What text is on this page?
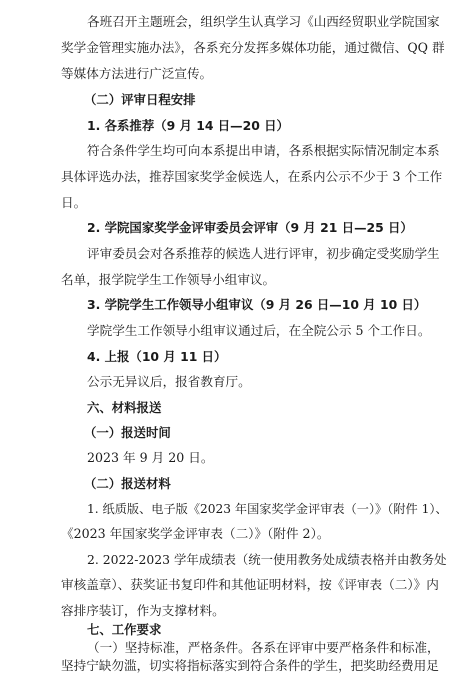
各班召开主题班会，组织学生认真学习《山西经贸职业学院国家
奖学金管理实施办法》，各系充分发挥多媒体功能，通过微信、QQ 群
等媒体方法进行广泛宣传。
（二）评审日程安排
1. 各系推荐（9 月 14 日—20 日）
符合条件学生均可向本系提出申请，各系根据实际情况制定本系
具体评选办法，推荐国家奖学金候选人，在系内公示不少于 3 个工作
日。
2. 学院国家奖学金评审委员会评审（9 月 21 日—25 日）
评审委员会对各系推荐的候选人进行评审，初步确定受奖励学生
名单，报学院学生工作领导小组审议。
3. 学院学生工作领导小组审议（9 月 26 日—10 月 10 日）
学院学生工作领导小组审议通过后，在全院公示 5 个工作日。
4. 上报（10 月 11 日）
公示无异议后，报省教育厅。
六、材料报送
（一）报送时间
2023 年 9 月 20 日。
（二）报送材料
1. 纸质版、电子版《2023 年国家奖学金评审表（一）》（附件 1）、
《2023 年国家奖学金评审表（二）》（附件 2）。
2. 2022-2023 学年成绩表（统一使用教务处成绩表格并由教务处
审核盖章）、获奖证书复印件和其他证明材料，按《评审表（二）》内
容排序装订，作为支撑材料。
七、工作要求
（一）坚持标准，严格条件。各系在评审中要严格条件和标准，
坚持宁缺勿滥，切实将指标落实到符合条件的学生，把奖助经费用足
